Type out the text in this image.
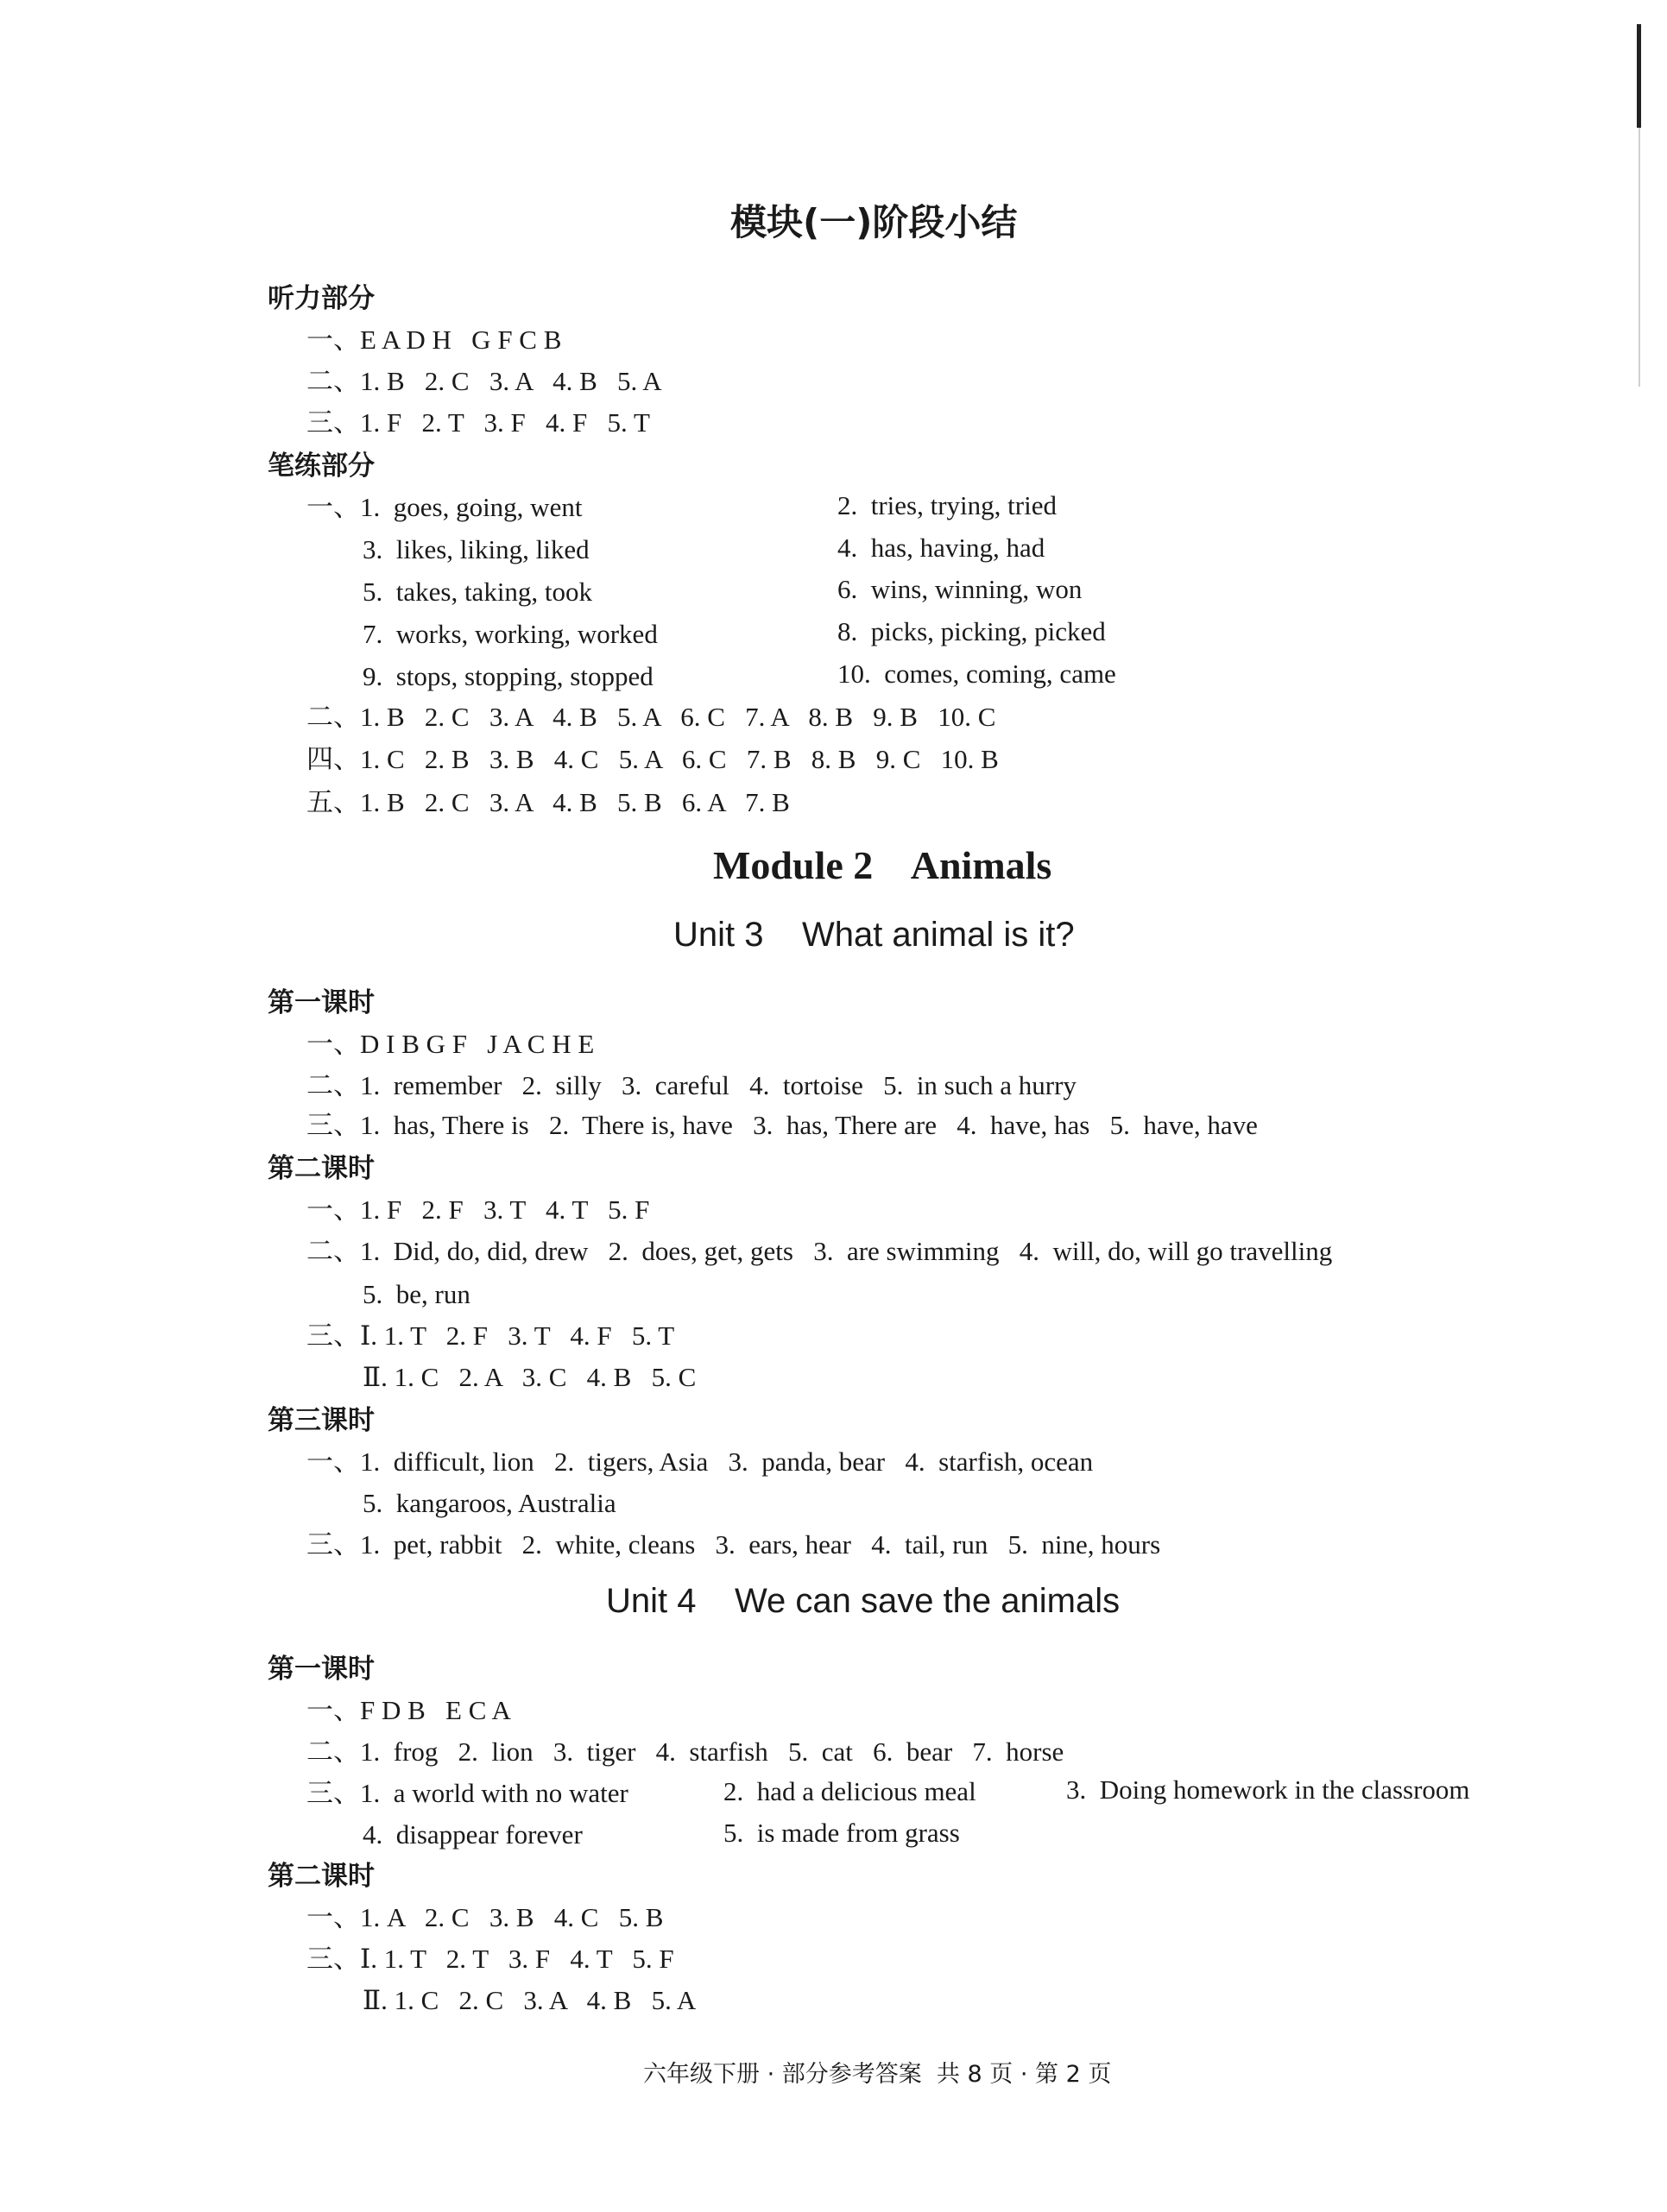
模块(一)阶段小结
听力部分
一、E A D H   G F C B
二、1. B   2. C   3. A   4. B   5. A
三、1. F   2. T   3. F   4. F   5. T
笔练部分
一、1.  goes, going, went	2.  tries, trying, tried
3.  likes, liking, liked	4.  has, having, had
5.  takes, taking, took	6.  wins, winning, won
7.  works, working, worked	8.  picks, picking, picked
9.  stops, stopping, stopped	10.  comes, coming, came
二、1. B   2. C   3. A   4. B   5. A   6. C   7. A   8. B   9. B   10. C
四、1. C   2. B   3. B   4. C   5. A   6. C   7. B   8. B   9. C   10. B
五、1. B   2. C   3. A   4. B   5. B   6. A   7. B
Module 2    Animals
Unit 3    What animal is it?
第一课时
一、D I B G F   J A C H E
二、1.  remember   2.  silly   3.  careful   4.  tortoise   5.  in such a hurry
三、1.  has, There is   2.  There is, have   3.  has, There are   4.  have, has   5.  have, have
第二课时
一、1. F   2. F   3. T   4. T   5. F
二、1.  Did, do, did, drew   2.  does, get, gets   3.  are swimming   4.  will, do, will go travelling
5.  be, run
三、Ⅰ. 1. T   2. F   3. T   4. F   5. T
Ⅱ. 1. C   2. A   3. C   4. B   5. C
第三课时
一、1.  difficult, lion   2.  tigers, Asia   3.  panda, bear   4.  starfish, ocean
5.  kangaroos, Australia
三、1.  pet, rabbit   2.  white, cleans   3.  ears, hear   4.  tail, run   5.  nine, hours
Unit 4    We can save the animals
第一课时
一、F D B   E C A
二、1.  frog   2.  lion   3.  tiger   4.  starfish   5.  cat   6.  bear   7.  horse
三、1.  a world with no water	2.  had a delicious meal	3.  Doing homework in the classroom
4.  disappear forever	5.  is made from grass
第二课时
一、1. A   2. C   3. B   4. C   5. B
三、Ⅰ. 1. T   2. T   3. F   4. T   5. F
Ⅱ. 1. C   2. C   3. A   4. B   5. A
六年级下册 · 部分参考答案  共 8 页 · 第 2 页
